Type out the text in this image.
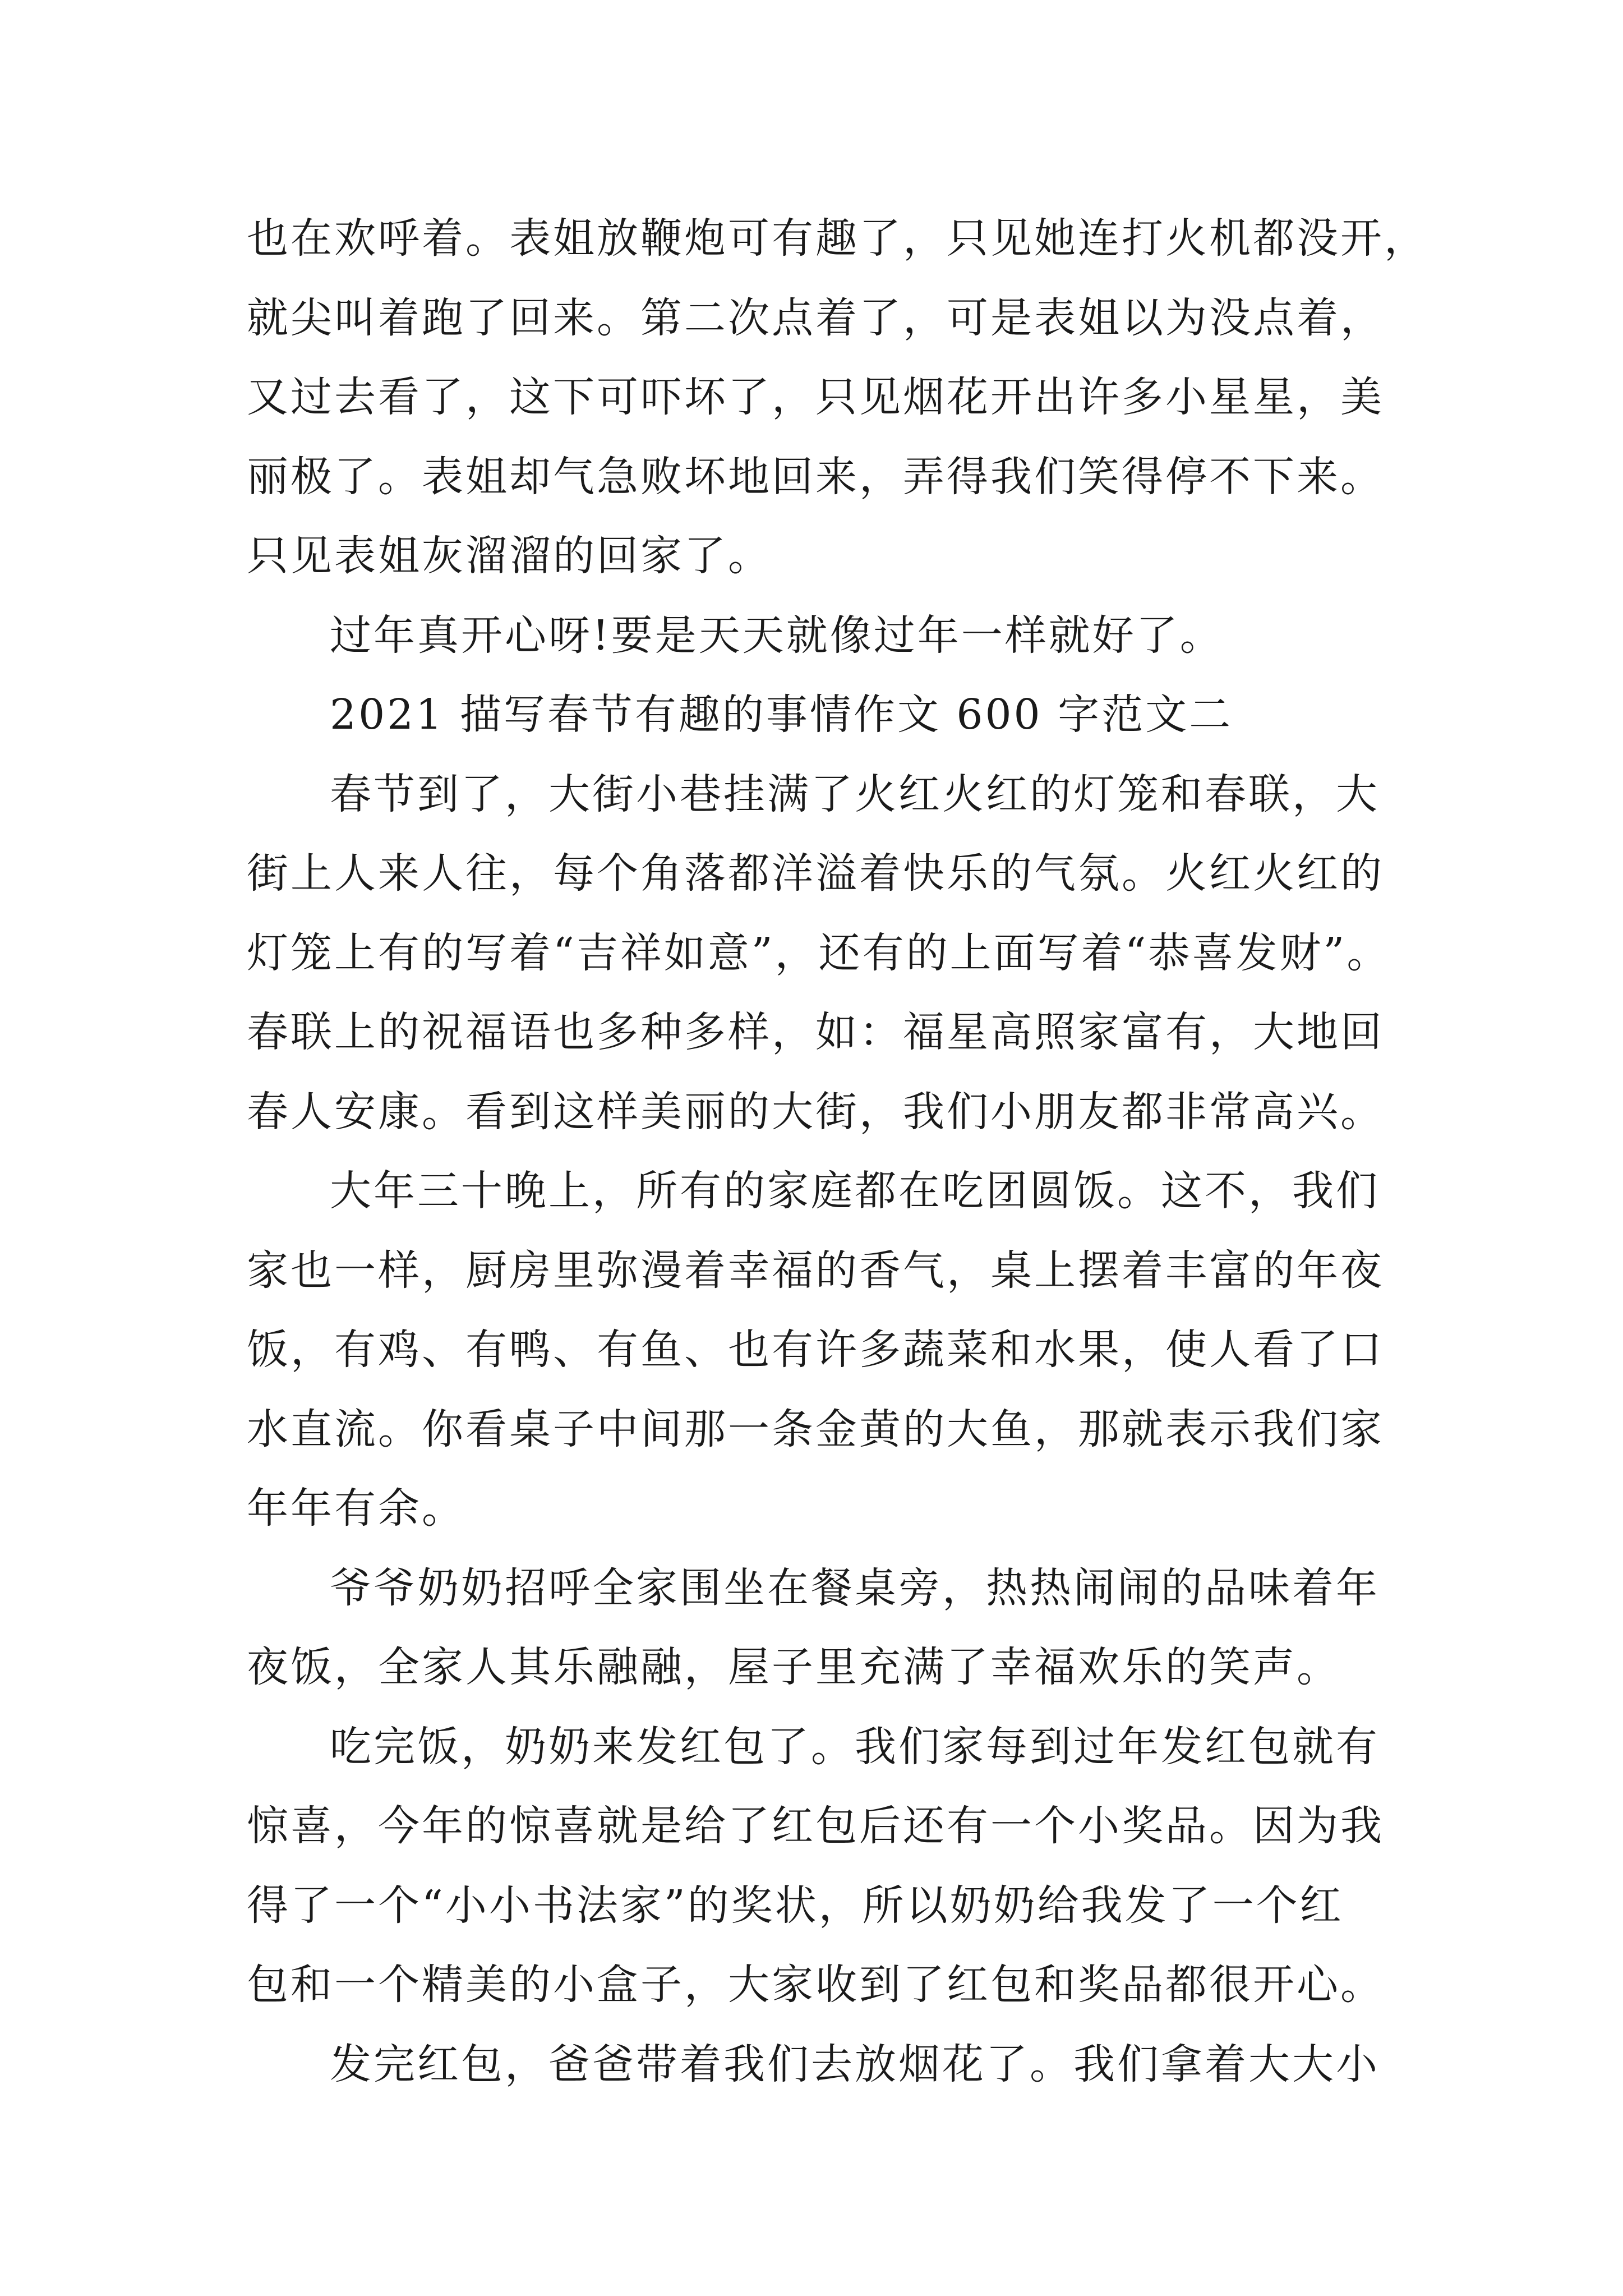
也在欢呼着。表姐放鞭炮可有趣了，只见她连打火机都没开，
就尖叫着跑了回来。第二次点着了，可是表姐以为没点着，
又过去看了，这下可吓坏了，只见烟花开出许多小星星，美
丽极了。表姐却气急败坏地回来，弄得我们笑得停不下来。
只见表姐灰溜溜的回家了。
过年真开心呀!要是天天就像过年一样就好了。
2021 描写春节有趣的事情作文 600 字范文二
春节到了，大街小巷挂满了火红火红的灯笼和春联，大
街上人来人往，每个角落都洋溢着快乐的气氛。火红火红的
灯笼上有的写着“吉祥如意”，还有的上面写着“恭喜发财”。
春联上的祝福语也多种多样，如：福星高照家富有，大地回
春人安康。看到这样美丽的大街，我们小朋友都非常高兴。
大年三十晚上，所有的家庭都在吃团圆饭。这不，我们
家也一样，厨房里弥漫着幸福的香气，桌上摆着丰富的年夜
饭，有鸡、有鸭、有鱼、也有许多蔬菜和水果，使人看了口
水直流。你看桌子中间那一条金黄的大鱼，那就表示我们家
年年有余。
爷爷奶奶招呼全家围坐在餐桌旁，热热闹闹的品味着年
夜饭，全家人其乐融融，屋子里充满了幸福欢乐的笑声。
吃完饭，奶奶来发红包了。我们家每到过年发红包就有
惊喜，今年的惊喜就是给了红包后还有一个小奖品。因为我
得了一个“小小书法家”的奖状，所以奶奶给我发了一个红
包和一个精美的小盒子，大家收到了红包和奖品都很开心。
发完红包，爸爸带着我们去放烟花了。我们拿着大大小
